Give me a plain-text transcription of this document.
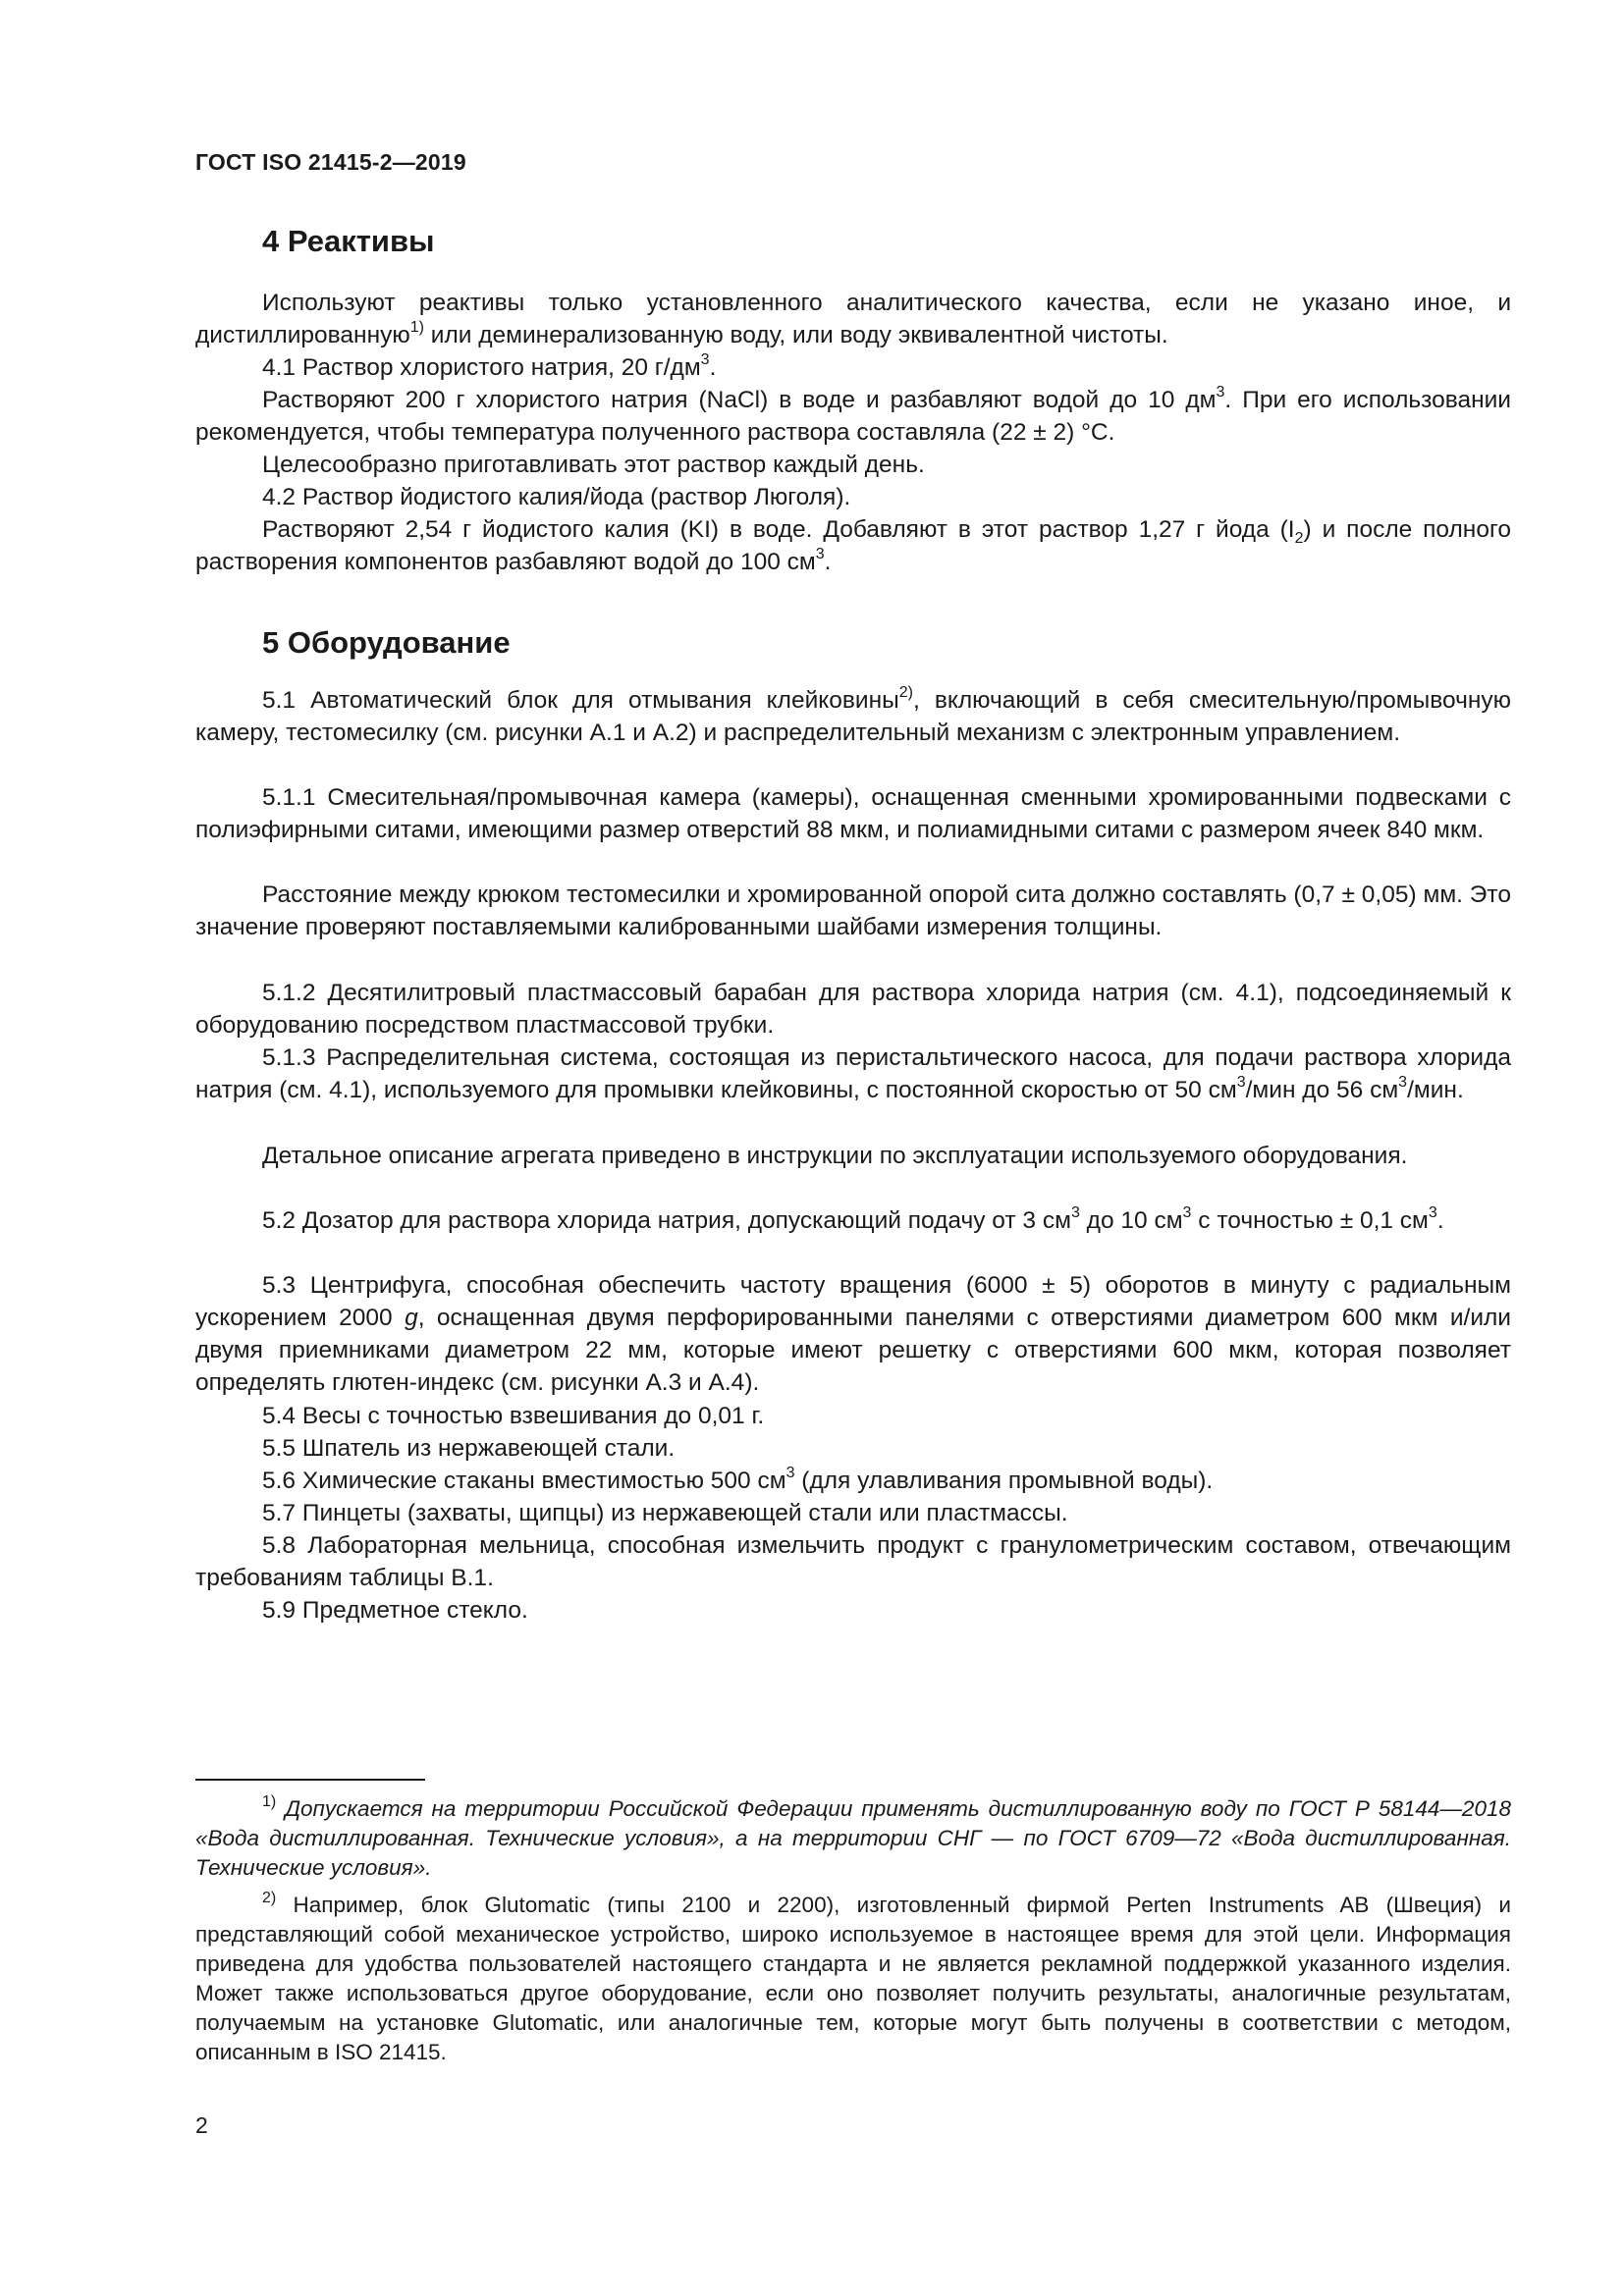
ГОСТ ISO 21415-2—2019
4 Реактивы
Используют реактивы только установленного аналитического качества, если не указано иное, и дистиллированную$^{1)}$ или деминерализованную воду, или воду эквивалентной чистоты.
4.1 Раствор хлористого натрия, 20 $г/дм^3$.
Растворяют 200 г хлористого натрия (NaCl) в воде и разбавляют водой до 10 $дм^3$. При его использовании рекомендуется, чтобы температура полученного раствора составляла (22 ± 2) °С.
Целесообразно приготавливать этот раствор каждый день.
4.2 Раствор йодистого калия/йода (раствор Люголя).
Растворяют 2,54 г йодистого калия (KI) в воде. Добавляют в этот раствор 1,27 г йода $(I_2)$ и после полного растворения компонентов разбавляют водой до 100 $см^3$.
5 Оборудование
5.1 Автоматический блок для отмывания клейковины$^{2)}$, включающий в себя смесительную/промывочную камеру, тестомесилку (см. рисунки А.1 и А.2) и распределительный механизм с электронным управлением.
5.1.1 Смесительная/промывочная камера (камеры), оснащенная сменными хромированными подвесками с полиэфирными ситами, имеющими размер отверстий 88 мкм, и полиамидными ситами с размером ячеек 840 мкм.
Расстояние между крюком тестомесилки и хромированной опорой сита должно составлять (0,7 ± 0,05) мм. Это значение проверяют поставляемыми калиброванными шайбами измерения толщины.
5.1.2 Десятилитровый пластмассовый барабан для раствора хлорида натрия (см. 4.1), подсоединяемый к оборудованию посредством пластмассовой трубки.
5.1.3 Распределительная система, состоящая из перистальтического насоса, для подачи раствора хлорида натрия (см. 4.1), используемого для промывки клейковины, с постоянной скоростью от 50 $см^3$/мин до 56 $см^3$/мин.
Детальное описание агрегата приведено в инструкции по эксплуатации используемого оборудования.
5.2 Дозатор для раствора хлорида натрия, допускающий подачу от 3 $см^3$ до 10 $см^3$ с точностью ± 0,1 $см^3$.
5.3 Центрифуга, способная обеспечить частоту вращения (6000 ± 5) оборотов в минуту с радиальным ускорением 2000 g, оснащенная двумя перфорированными панелями с отверстиями диаметром 600 мкм и/или двумя приемниками диаметром 22 мм, которые имеют решетку с отверстиями 600 мкм, которая позволяет определять глютен-индекс (см. рисунки А.3 и А.4).
5.4 Весы с точностью взвешивания до 0,01 г.
5.5 Шпатель из нержавеющей стали.
5.6 Химические стаканы вместимостью 500 $см^3$ (для улавливания промывной воды).
5.7 Пинцеты (захваты, щипцы) из нержавеющей стали или пластмассы.
5.8 Лабораторная мельница, способная измельчить продукт с гранулометрическим составом, отвечающим требованиям таблицы В.1.
5.9 Предметное стекло.
$^{1)}$ Допускается на территории Российской Федерации применять дистиллированную воду по ГОСТ Р 58144—2018 «Вода дистиллированная. Технические условия», а на территории СНГ — по ГОСТ 6709—72 «Вода дистиллированная. Технические условия».
$^{2)}$ Например, блок Glutomatic (типы 2100 и 2200), изготовленный фирмой Perten Instruments AB (Швеция) и представляющий собой механическое устройство, широко используемое в настоящее время для этой цели. Информация приведена для удобства пользователей настоящего стандарта и не является рекламной поддержкой указанного изделия. Может также использоваться другое оборудование, если оно позволяет получить результаты, аналогичные результатам, получаемым на установке Glutomatic, или аналогичные тем, которые могут быть получены в соответствии с методом, описанным в ISO 21415.
2
